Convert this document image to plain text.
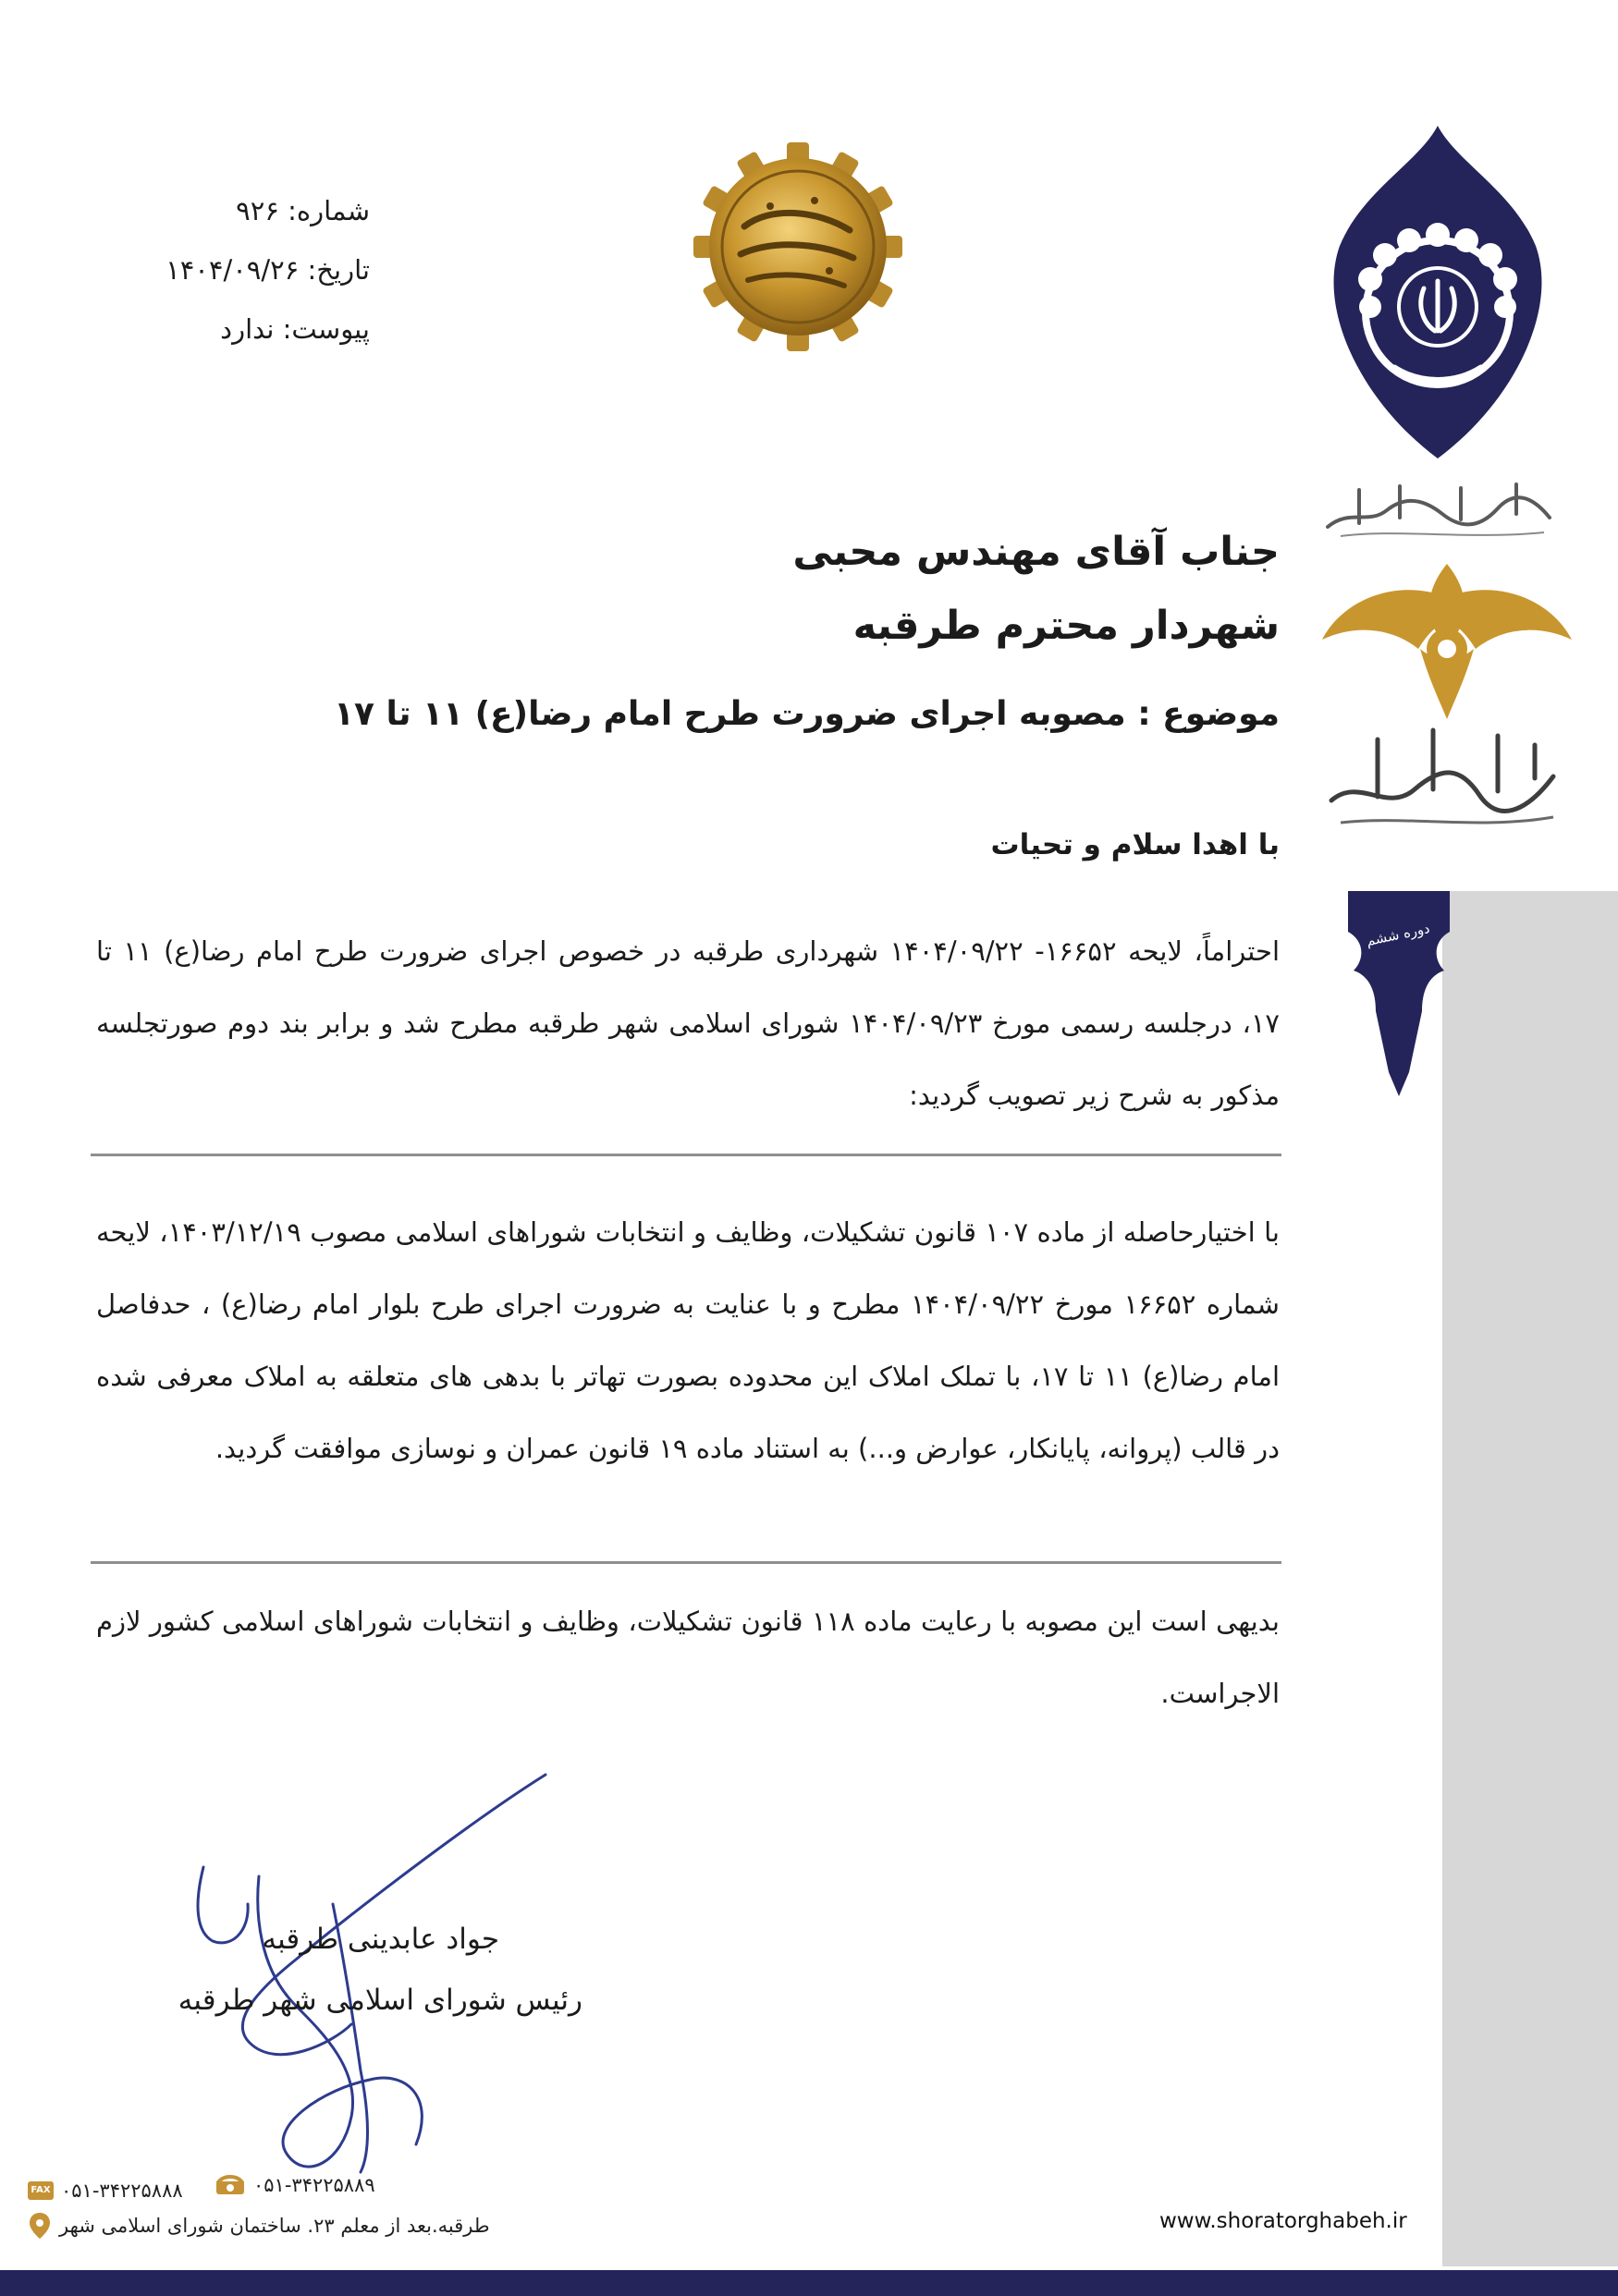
دوره ششم
شماره: ۹۲۶
تاریخ: ۱۴۰۴/۰۹/۲۶
پیوست: ندارد
جناب آقای مهندس محبی
شهردار محترم طرقبه
موضوع : مصوبه اجرای ضرورت طرح امام رضا(ع) ۱۱ تا ۱۷
با اهدا سلام و تحیات
احتراماً، لایحه ۱۶۶۵۲- ۱۴۰۴/۰۹/۲۲ شهرداری طرقبه در خصوص اجرای ضرورت طرح امام رضا(ع) ۱۱ تا ۱۷، درجلسه رسمی مورخ ۱۴۰۴/۰۹/۲۳ شورای اسلامی شهر طرقبه مطرح شد و برابر بند دوم صورتجلسه مذکور به شرح زیر تصویب گردید:
با اختیارحاصله از ماده ۱۰۷ قانون تشکیلات، وظایف و انتخابات شوراهای اسلامی مصوب ۱۴۰۳/۱۲/۱۹، لایحه شماره ۱۶۶۵۲ مورخ ۱۴۰۴/۰۹/۲۲ مطرح و با عنایت به ضرورت اجرای طرح بلوار امام رضا(ع) ، حدفاصل امام رضا(ع) ۱۱ تا ۱۷، با تملک املاک این محدوده بصورت تهاتر با بدهی های متعلقه به املاک معرفی شده در قالب (پروانه، پایانکار، عوارض و...) به استناد ماده ۱۹ قانون عمران و نوسازی موافقت گردید.
بدیهی است این مصوبه با رعایت ماده ۱۱۸ قانون تشکیلات، وظایف و انتخابات شوراهای اسلامی کشور لازم الاجراست.
جواد عابدینی طرقبه
رئیس شورای اسلامی شهر طرقبه
FAX ۰۵۱-۳۴۲۲۵۸۸۸	۰۵۱-۳۴۲۲۵۸۸۹
طرقبه.بعد از معلم ۲۳. ساختمان شورای اسلامی شهر	www.shoratorghabeh.ir
